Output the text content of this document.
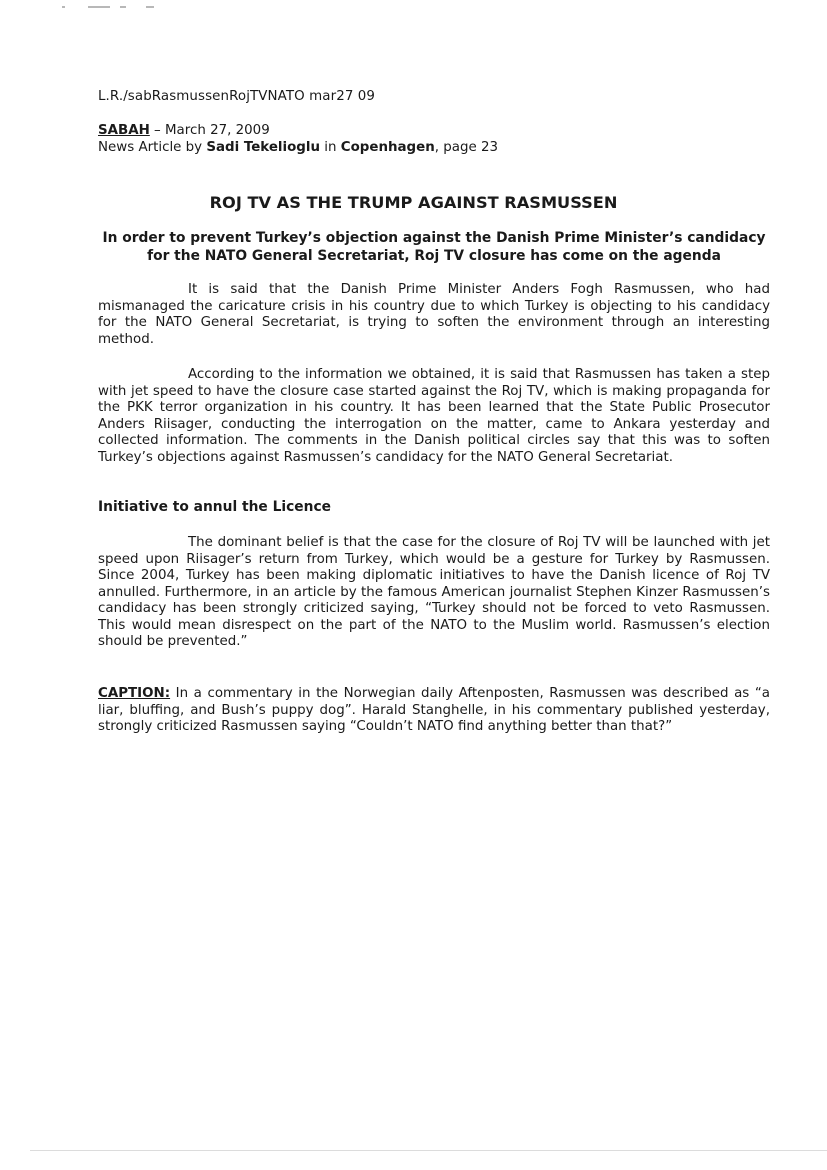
L.R./sabRasmussenRojTVNATO mar27 09
SABAH – March 27, 2009
News Article by Sadi Tekelioglu in Copenhagen, page 23
ROJ TV AS THE TRUMP AGAINST RASMUSSEN
In order to prevent Turkey’s objection against the Danish Prime Minister’s candidacy for the NATO General Secretariat, Roj TV closure has come on the agenda

It is said that the Danish Prime Minister Anders Fogh Rasmussen, who had mismanaged the caricature crisis in his country due to which Turkey is objecting to his candidacy for the NATO General Secretariat, is trying to soften the environment through an interesting method.

According to the information we obtained, it is said that Rasmussen has taken a step with jet speed to have the closure case started against the Roj TV, which is making propaganda for the PKK terror organization in his country. It has been learned that the State Public Prosecutor Anders Riisager, conducting the interrogation on the matter, came to Ankara yesterday and collected information. The comments in the Danish political circles say that this was to soften Turkey’s objections against Rasmussen’s candidacy for the NATO General Secretariat.

Initiative to annul the Licence

The dominant belief is that the case for the closure of Roj TV will be launched with jet speed upon Riisager’s return from Turkey, which would be a gesture for Turkey by Rasmussen. Since 2004, Turkey has been making diplomatic initiatives to have the Danish licence of Roj TV annulled. Furthermore, in an article by the famous American journalist Stephen Kinzer Rasmussen’s candidacy has been strongly criticized saying, “Turkey should not be forced to veto Rasmussen. This would mean disrespect on the part of the NATO to the Muslim world. Rasmussen’s election should be prevented.”

CAPTION: In a commentary in the Norwegian daily Aftenposten, Rasmussen was described as “a liar, bluffing, and Bush’s puppy dog”. Harald Stanghelle, in his commentary published yesterday, strongly criticized Rasmussen saying “Couldn’t NATO find anything better than that?”
